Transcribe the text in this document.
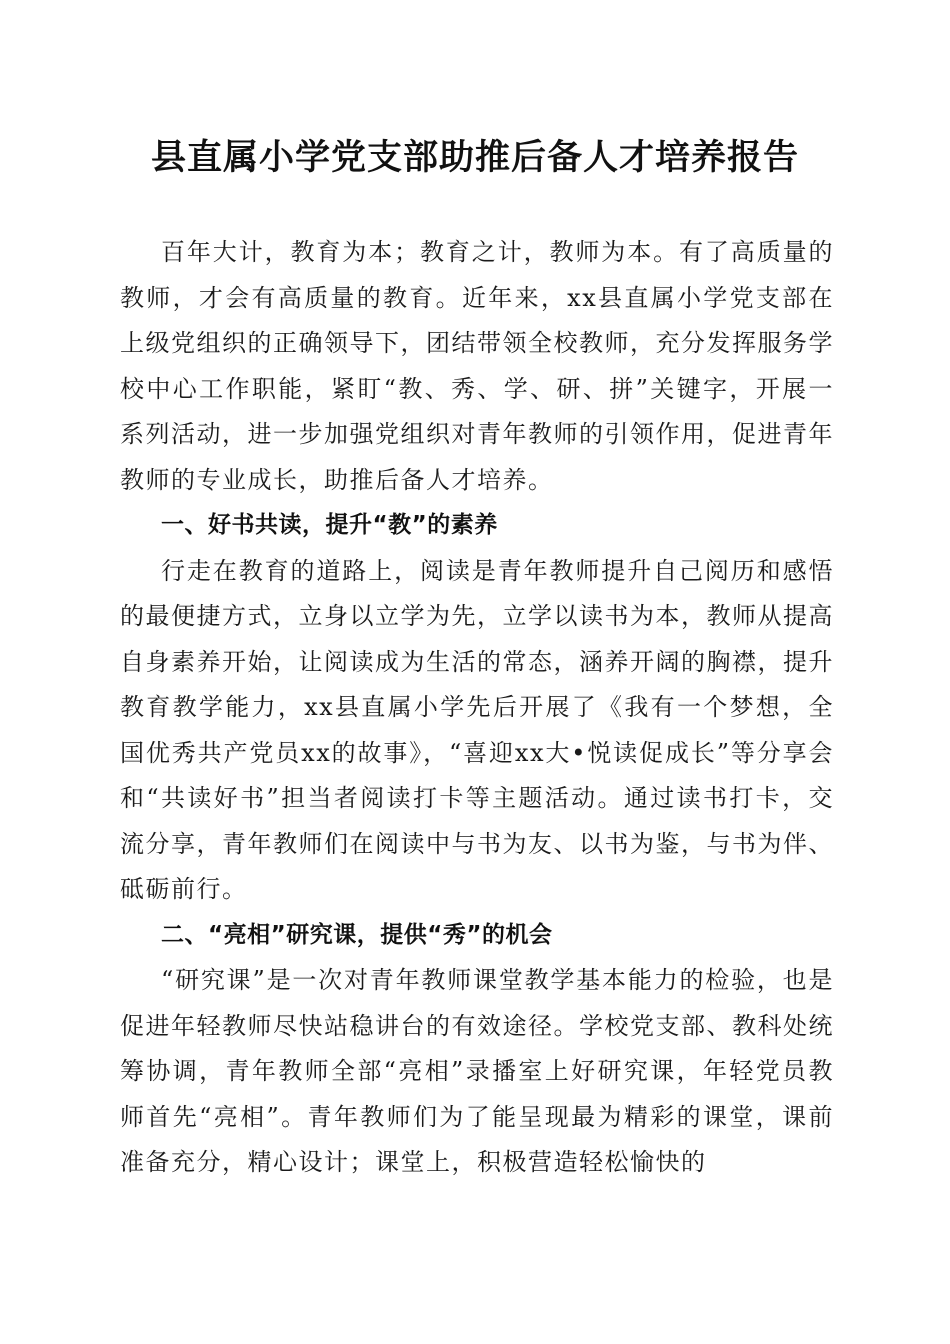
县直属小学党支部助推后备人才培养报告

百年大计，教育为本；教育之计，教师为本。有了高质量的教师，才会有高质量的教育。近年来，xx县直属小学党支部在上级党组织的正确领导下，团结带领全校教师，充分发挥服务学校中心工作职能，紧盯“教、秀、学、研、拼”关键字，开展一系列活动，进一步加强党组织对青年教师的引领作用，促进青年教师的专业成长，助推后备人才培养。

一、好书共读，提升“教”的素养

行走在教育的道路上，阅读是青年教师提升自己阅历和感悟的最便捷方式，立身以立学为先，立学以读书为本，教师从提高自身素养开始，让阅读成为生活的常态，涵养开阔的胸襟，提升教育教学能力，xx县直属小学先后开展了《我有一个梦想，全国优秀共产党员xx的故事》，“喜迎xx大•悦读促成长”等分享会和“共读好书”担当者阅读打卡等主题活动。通过读书打卡，交流分享，青年教师们在阅读中与书为友、以书为鉴，与书为伴、砥砺前行。

二、“亮相”研究课，提供“秀”的机会

“研究课”是一次对青年教师课堂教学基本能力的检验，也是促进年轻教师尽快站稳讲台的有效途径。学校党支部、教科处统筹协调，青年教师全部“亮相”录播室上好研究课，年轻党员教师首先“亮相”。青年教师们为了能呈现最为精彩的课堂，课前准备充分，精心设计；课堂上，积极营造轻松愉快的
